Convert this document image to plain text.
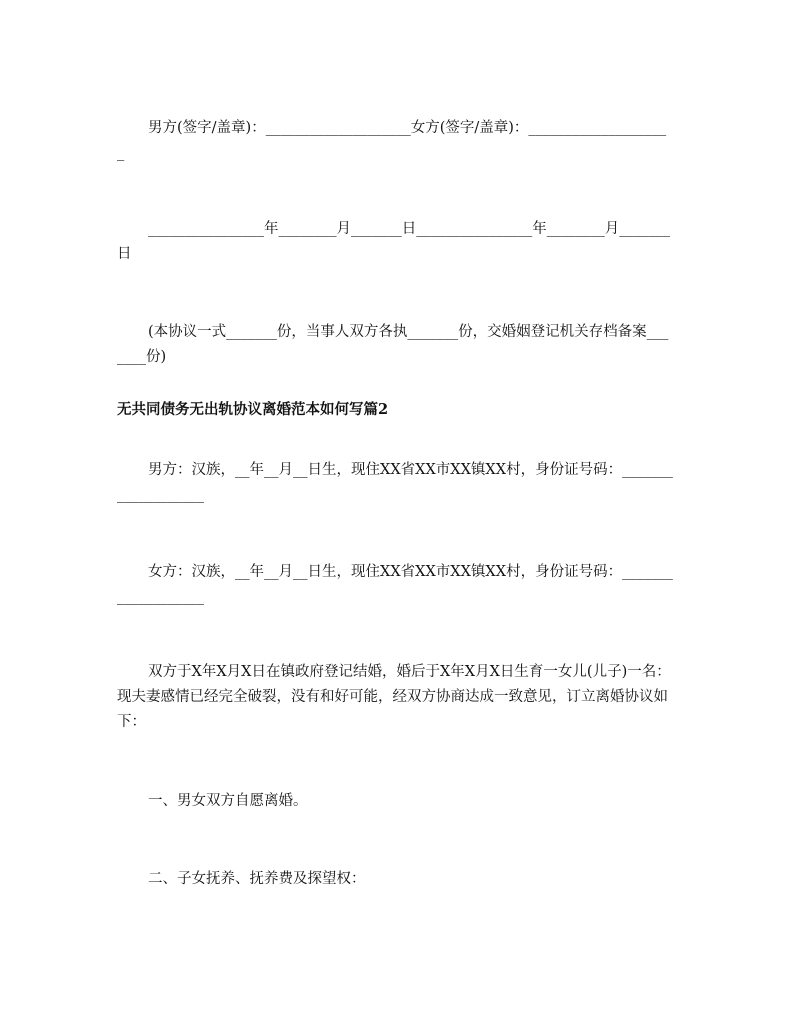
男方(签字/盖章)：____________________女方(签字/盖章)：____________________

________________年________月_______日________________年________月_______日

(本协议一式_______份，当事人双方各执_______份，交婚姻登记机关存档备案_______份)

无共同债务无出轨协议离婚范本如何写篇2

男方：汉族，__年__月__日生，现住XX省XX市XX镇XX村，身份证号码：___________________

女方：汉族，__年__月__日生，现住XX省XX市XX镇XX村，身份证号码：___________________

双方于X年X月X日在镇政府登记结婚，婚后于X年X月X日生育一女儿(儿子)一名：现夫妻感情已经完全破裂，没有和好可能，经双方协商达成一致意见，订立离婚协议如下：

一、男女双方自愿离婚。

二、子女抚养、抚养费及探望权：
